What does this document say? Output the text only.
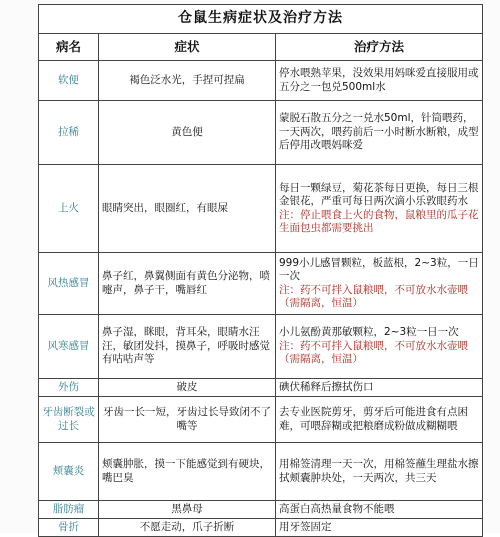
仓鼠生病症状及治疗方法		
病名	症状	治疗方法
软便	褐色泛水光，手捏可捏扁	停水喂熟苹果，没效果用妈咪爱直接服用或五分之一包兑500ml水
拉稀	黄色便	蒙脱石散五分之一兑水50ml，针筒喂药，一天两次，喂药前后一小时断水断粮，成型后停用改喂妈咪爱
上火	眼睛突出，眼圈红，有眼屎	每日一颗绿豆，菊花茶每日更换，每日三根金银花，严重可每日两次滴小乐敦眼药水
注：停止喂食上火的食物，鼠粮里的瓜子花生面包虫都需要挑出

风热感冒	鼻子红，鼻翼侧面有黄色分泌物，喷嚏声，鼻子干，嘴唇红	999小儿感冒颗粒，板蓝根，2~3粒，一日一次
注：药不可拌入鼠粮喂，不可放水水壶喂（需隔离，恒温）

风寒感冒	鼻子湿，眯眼，背耳朵，眼睛水汪汪，敏团发抖，摸鼻子，呼吸时感觉有咕咕声等	小儿氨酚黄那敏颗粒，2~3粒一日一次
注：药不可拌入鼠粮喂，不可放水水壶喂（需隔离，恒温）

外伤	破皮	碘伏稀释后擦拭伤口
牙齿断裂或过长	牙齿一长一短，牙齿过长导致闭不了嘴等	去专业医院剪牙，剪牙后可能进食有点困难，可喂辞糊或把粮磨成粉做成糊糊喂
颊囊炎	颊囊肿胀，摸一下能感觉到有硬块，嘴巴臭	用棉签清理一天一次，用棉签蘸生理盐水擦拭颊囊肿块处，一天两次，共三天
脂肪瘤	黑鼻母	高蛋白高热量食物不能喂
骨折	不愿走动，爪子折断	用牙签固定
